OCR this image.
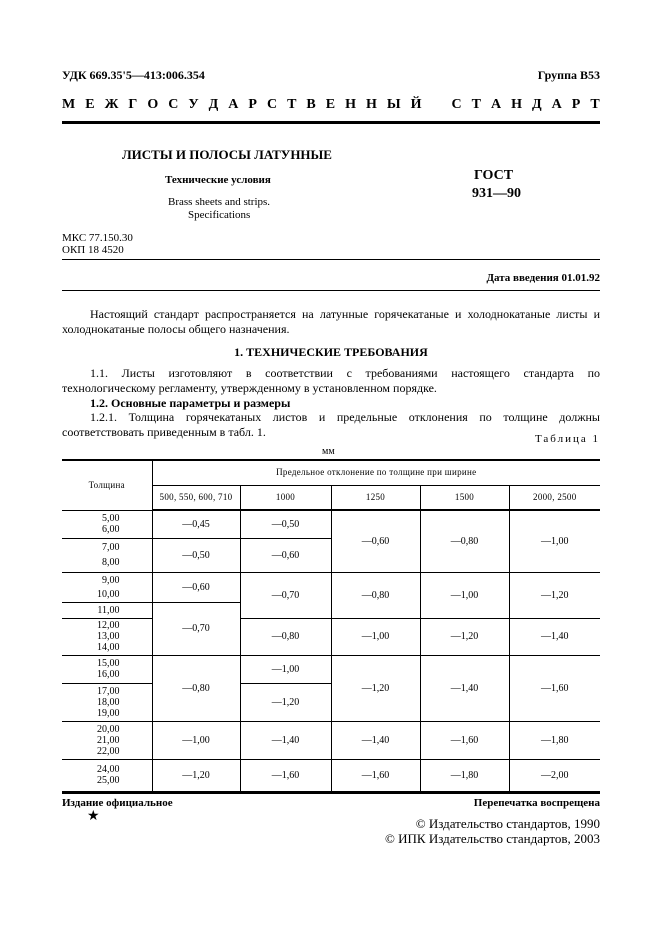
УДК 669.35'5—413:006.354	Группа В53
М Е Ж Г О С У Д А Р С Т В Е Н Н Ы Й С Т А Н Д А Р Т
ЛИСТЫ И ПОЛОСЫ ЛАТУННЫЕ
Технические условия
Brass sheets and strips.
Specifications
ГОСТ
931—90
МКС 77.150.30
ОКП 18 4520
Дата введения 01.01.92
Настоящий стандарт распространяется на латунные горячекатаные и холоднокатаные листы и холоднокатаные полосы общего назначения.
1. ТЕХНИЧЕСКИЕ ТРЕБОВАНИЯ
1.1. Листы изготовляют в соответствии с требованиями настоящего стандарта по технологическому регламенту, утвержденному в установленном порядке.
1.2. Основные параметры и размеры
1.2.1. Толщина горячекатаных листов и предельные отклонения по толщине должны соответствовать приведенным в табл. 1.	Таблица 1
мм
Толщина	Предельное отклонение по толщине при ширине				
	500, 550, 600, 710	1000	1250	1500	2000, 2500

5,00
6,00	—0,45	—0,50	—0,60	—0,80	—1,00

7,00
8,00	—0,50	—0,60			

9,00
10,00	—0,60	—0,70	—0,80	—1,00	—1,20

11,00	—0,70				

12,00
13,00
14,00		—0,80	—1,00	—1,20	—1,40

15,00
16,00	—0,80	—1,00	—1,20	—1,40	—1,60

17,00
18,00
19,00		—1,20			

20,00
21,00
22,00	—1,00	—1,40	—1,40	—1,60	—1,80

24,00
25,00	—1,20	—1,60	—1,60	—1,80	—2,00
Издание официальное	Перепечатка воспрещена
★	© Издательство стандартов, 1990
© ИПК Издательство стандартов, 2003
